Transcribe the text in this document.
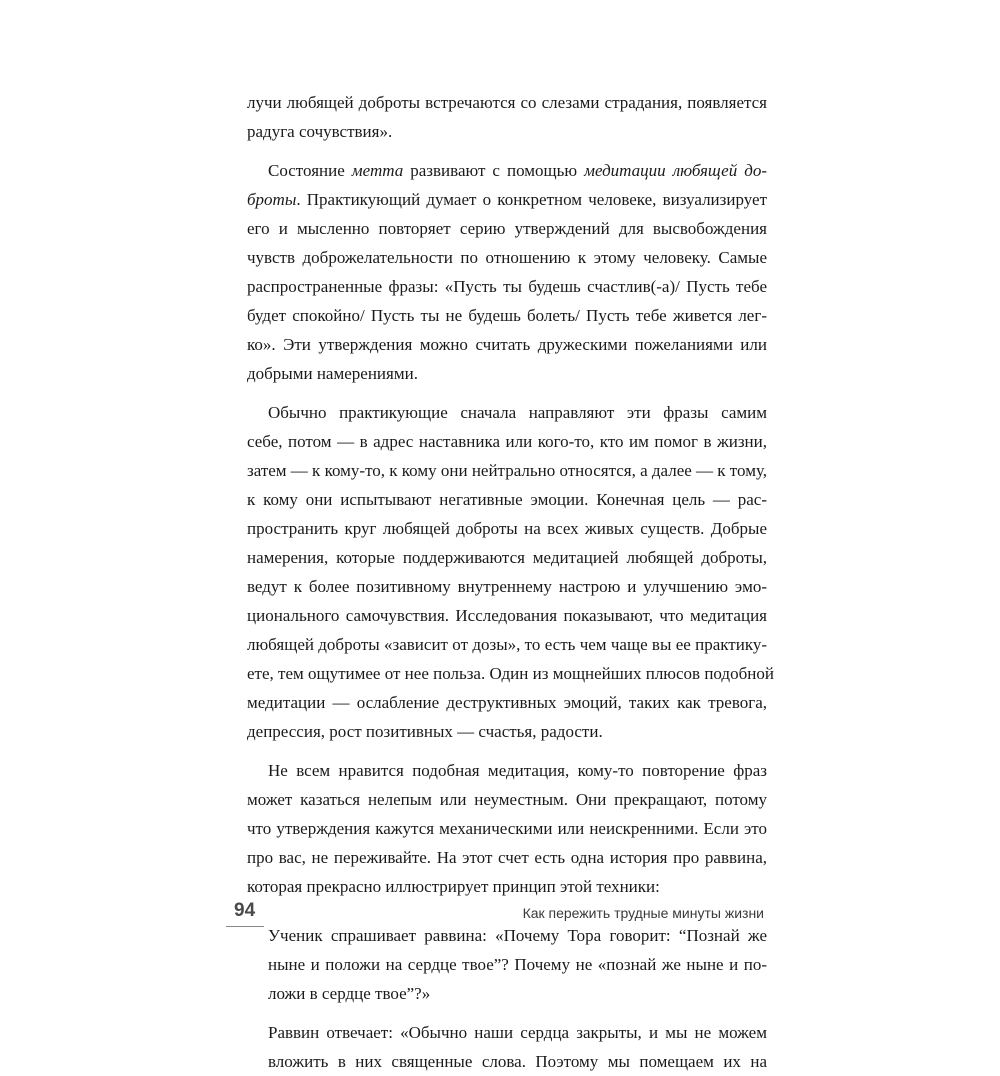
лучи любящей доброты встречаются со слезами страдания, появляется
радуга сочувствия».
Состояние метта развивают с помощью медитации любящей до-
броты. Практикующий думает о конкретном человеке, визуализирует
его и мысленно повторяет серию утверждений для высвобождения
чувств доброжелательности по отношению к этому человеку. Самые
распространенные фразы: «Пусть ты будешь счастлив(-а)/ Пусть тебе
будет спокойно/ Пусть ты не будешь болеть/ Пусть тебе живется лег-
ко». Эти утверждения можно считать дружескими пожеланиями или
добрыми намерениями.
Обычно практикующие сначала направляют эти фразы самим
себе, потом — в адрес наставника или кого-то, кто им помог в жизни,
затем — к кому-то, к кому они нейтрально относятся, а далее — к тому,
к кому они испытывают негативные эмоции. Конечная цель — рас-
пространить круг любящей доброты на всех живых существ. Добрые
намерения, которые поддерживаются медитацией любящей доброты,
ведут к более позитивному внутреннему настрою и улучшению эмо-
ционального самочувствия. Исследования показывают, что медитация
любящей доброты «зависит от дозы», то есть чем чаще вы ее практику-
ете, тем ощутимее от нее польза. Один из мощнейших плюсов подобной
медитации — ослабление деструктивных эмоций, таких как тревога,
депрессия, рост позитивных — счастья, радости.
Не всем нравится подобная медитация, кому-то повторение фраз
может казаться нелепым или неуместным. Они прекращают, потому
что утверждения кажутся механическими или неискренними. Если это
про вас, не переживайте. На этот счет есть одна история про раввина,
которая прекрасно иллюстрирует принцип этой техники:
Ученик спрашивает раввина: «Почему Тора говорит: “Познай же
ныне и положи на сердце твое”? Почему не «познай же ныне и по-
ложи в сердце твое”?»
Раввин отвечает: «Обычно наши сердца закрыты, и мы не можем
вложить в них священные слова. Поэтому мы помещаем их на
94	Как пережить трудные минуты жизни
